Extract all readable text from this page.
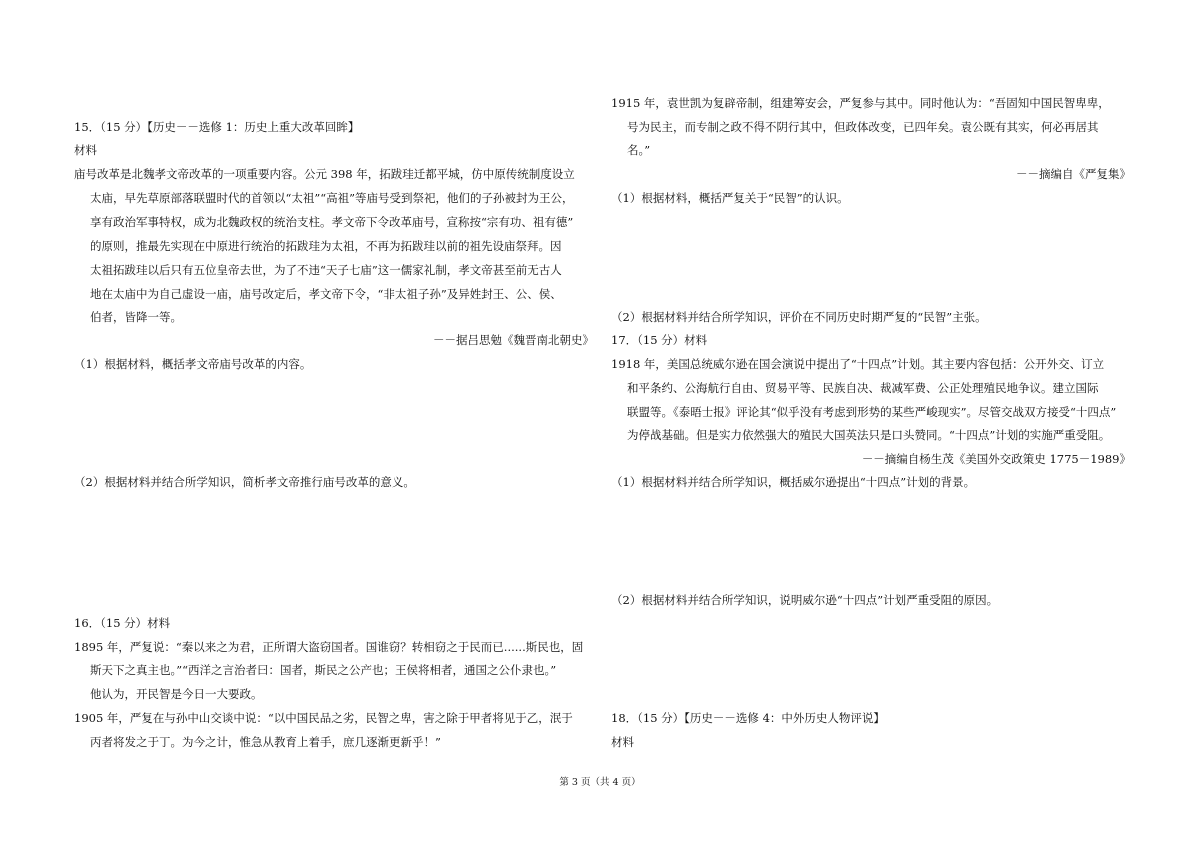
15．（15 分）【历史－－选修 1：历史上重大改革回眸】
材料
庙号改革是北魏孝文帝改革的一项重要内容。公元 398 年，拓跋珪迁都平城，仿中原传统制度设立
太庙，早先草原部落联盟时代的首领以“太祖”“高祖”等庙号受到祭祀，他们的子孙被封为王公，
享有政治军事特权，成为北魏政权的统治支柱。孝文帝下令改革庙号，宣称按“宗有功、祖有德”
的原则，推最先实现在中原进行统治的拓跋珪为太祖，不再为拓跋珪以前的祖先设庙祭拜。因
太祖拓跋珪以后只有五位皇帝去世，为了不违“天子七庙”这一儒家礼制，孝文帝甚至前无古人
地在太庙中为自己虚设一庙，庙号改定后，孝文帝下令，“非太祖子孙”及异姓封王、公、侯、
伯者，皆降一等。
－－据吕思勉《魏晋南北朝史》
（1）根据材料，概括孝文帝庙号改革的内容。
（2）根据材料并结合所学知识，简析孝文帝推行庙号改革的意义。
16．（15 分）材料
1895 年，严复说：“秦以来之为君，正所谓大盗窃国者。国谁窃？转相窃之于民而已......斯民也，固
斯天下之真主也。”“西洋之言治者曰：国者，斯民之公产也；王侯将相者，通国之公仆隶也。”
他认为，开民智是今日一大要政。
1905 年，严复在与孙中山交谈中说：“以中国民品之劣，民智之卑，害之除于甲者将见于乙，泯于
丙者将发之于丁。为今之计，惟急从教育上着手，庶几逐渐更新乎！”
1915 年，袁世凯为复辟帝制，组建筹安会，严复参与其中。同时他认为：“吾固知中国民智卑卑，
号为民主，而专制之政不得不阴行其中，但政体改变，已四年矣。袁公既有其实，何必再居其
名。”
－－摘编自《严复集》
（1）根据材料，概括严复关于“民智”的认识。
（2）根据材料并结合所学知识，评价在不同历史时期严复的“民智”主张。
17．（15 分）材料
1918 年，美国总统威尔逊在国会演说中提出了“十四点”计划。其主要内容包括：公开外交、订立
和平条约、公海航行自由、贸易平等、民族自决、裁减军费、公正处理殖民地争议。建立国际
联盟等。《泰晤士报》评论其“似乎没有考虑到形势的某些严峻现实”。尽管交战双方接受“十四点”
为停战基础。但是实力依然强大的殖民大国英法只是口头赞同。“十四点”计划的实施严重受阻。
－－摘编自杨生茂《美国外交政策史 1775－1989》
（1）根据材料并结合所学知识，概括威尔逊提出“十四点”计划的背景。
（2）根据材料并结合所学知识，说明威尔逊“十四点”计划严重受阻的原因。
18．（15 分）【历史－－选修 4：中外历史人物评说】
材料
第 3 页（共 4 页）
